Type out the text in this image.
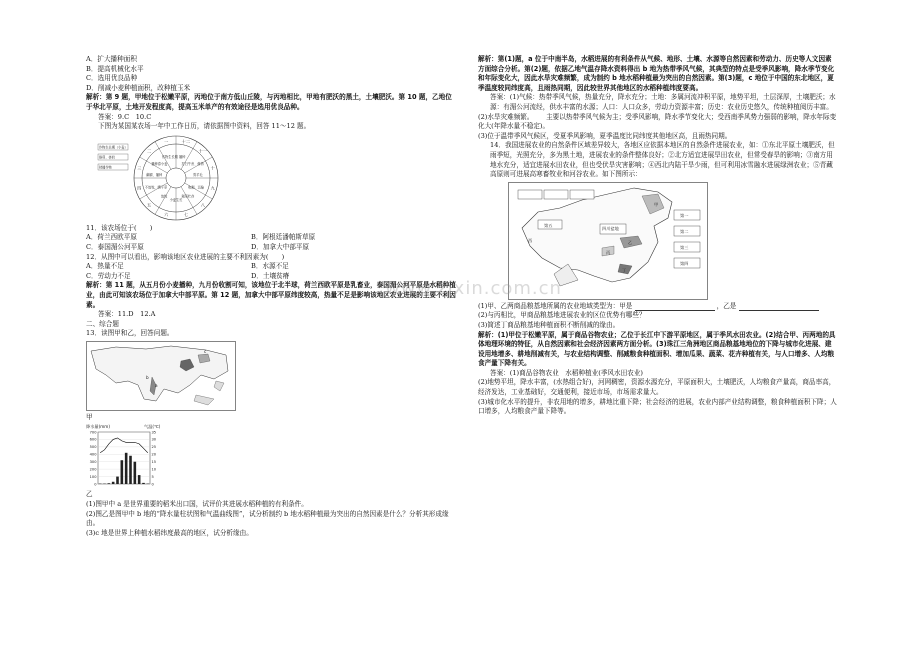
A．扩大播种面积
B．提高机械化水平
C．选用优良品种
D．削减小麦种植面积，改种植玉米

解析：第 9 题，甲地位于松嫩平原，丙地位于南方低山丘陵，与丙地相比，甲地有肥沃的黑土，土壤肥沃。第 10 题，乙地位于华北平原，土地开发程度高，提高玉米单产的有效途径是选用优良品种。

答案：9.C　10.C

下图为某国某农场一年中工作日历，请依据图中资料，回答 11～12 题。

十二
十一
十
九
八
七
六
五
四
三
二
一
播种
打扫牛舍、修剪
剪羊毛
收割、运输
割草贮存
小麦生长
放牧
不放牧，晒干草
翻耕、播种
播种春小麦
作物生长期
作物生长期（小麦）
修剪、挤奶
秋播作物

11．该农场位于(　　)

A．荷兰西欧平原	B．阿根廷潘帕斯草原
C．泰国湄公河平原	D．加拿大中部平原

12．从图中可以看出，影响该地区农业进展的主要不利因素为(　　)

A．热量不足	B．水源不足
C．劳动力不足	D．土壤贫瘠

解析：第 11 题，从五月份小麦播种，九月份收割可知，该地位于北半球，荷兰西欧平原是乳畜业，泰国湄公河平原是水稻种植业，由此可知该农场位于加拿大中部平原。第 12 题，加拿大中部平原纬度较高，热量不足是影响该地区农业进展的主要不利因素。

答案：11.D　12.A

二、综合题

13．读图甲和乙，回答问题。

a
b
c

甲

降水量(mm)	气温(℃)
0
100
200
300
400
500
600
700
0
5
10
15
20
25
30
35

乙

(1)图甲中 a 是世界重要的稻米出口国，试评价其进展水稻种植的有利条件。

(2)图乙是图甲中 b 地的“降水量柱状图和气温曲线图”，试分析制约 b 地水稻种植最为突出的自然因素是什么？分析其形成缘由。

(3)c 地是世界上种植水稻纬度最高的地区，试分析缘由。

解析：第(1)题，a 位于中南半岛，水稻进展的有利条件从气候、地形、土壤、水源等自然因素和劳动力、历史等人文因素方面综合分析。第(2)题，依据乙地气温存降水资料得出 b 地为热带季风气候，其典型的特点是受季风影响，降水季节变化和年际变化大，因此水旱灾难频繁，成为制约 b 地水稻种植最为突出的自然因素。第(3)题，c 地位于中国的东北地区，夏季温度较同纬度高，且雨热同期，因此较世界其他地区的水稻种植纬度要高。

答案：(1)气候：热带季风气候，热量充分，降水充分；土地：多属河流冲积平原，地势平坦，土层深厚，土壤肥沃；水源：有湄公河流经，供水丰富的水源；人口：人口众多，劳动力资源丰富；历史：农业历史悠久，传统种植阅历丰富。

(2)水旱灾难频繁。 主要以热带季风气候为主；受季风影响，降水季节变化大；受西南季风势力强弱的影响，降水年际变化大(年降水量不稳定)。

(3)位于温带季风气候区，受夏季风影响，夏季温度比同纬度其他地区高，且雨热同期。

14．我国进展农业的自然条件区域差异较大，各地区应依据本地区的自然条件进展农业，如：①东北平原土壤肥沃，但雨季短，光照充分，多为黑土地，进展农业的条件整体良好；②北方适宜进展旱田农业，但常受春旱的影响；③南方用地水充分，适宜进展水田农业，但也受伏旱灾害影响；④西北内陆干旱少雨，但可利用冰雪融水进展绿洲农业；⑤青藏高原则可进展高寒畜牧业和河谷农业。如下图所示：

甲
乙
丙
丁
四川盆地
第一
第二
第三
第四
第五
西

(1)甲、乙两商品粮基地所属的农业地域类型为：甲是	，乙是

(2)与丙相比，甲商品粮基地进展农业的区位优势有哪些？

(3)简述丁商品粮基地种植面积不断削减的缘由。

解析：(1)甲位于松嫩平原，属于商品谷物农业；乙位于长江中下游平原地区，属于季风水田农业。(2)结合甲、丙两地的具体地理环境的特征，从自然因素和社会经济因素两方面分析。(3)珠江三角洲地区商品粮基地地位的下降与城市化进展、建设用地增多、耕地削减有关，与农业结构调整、削减粮食种植面积、增加瓜果、蔬菜、花卉种植有关，与人口增多、人均粮食产量下降有关。

答案：(1)商品谷物农业　水稻种植业(季风水田农业)

(2)地势平坦，降水丰富，(水热组合好)，河网稠密，资源水源充分，平原面积大，土壤肥沃，人均粮食产量高，商品率高，经济发达，工业基础好，交通便利，接近市场，市场需求量大。

(3)城市化水平的提升，非农用地的增多，耕地比重下降；社会经济的进展，农业内部产业结构调整，粮食种植面积下降；人口增多，人均粮食产量下降等。

www.zixin.com.cn
